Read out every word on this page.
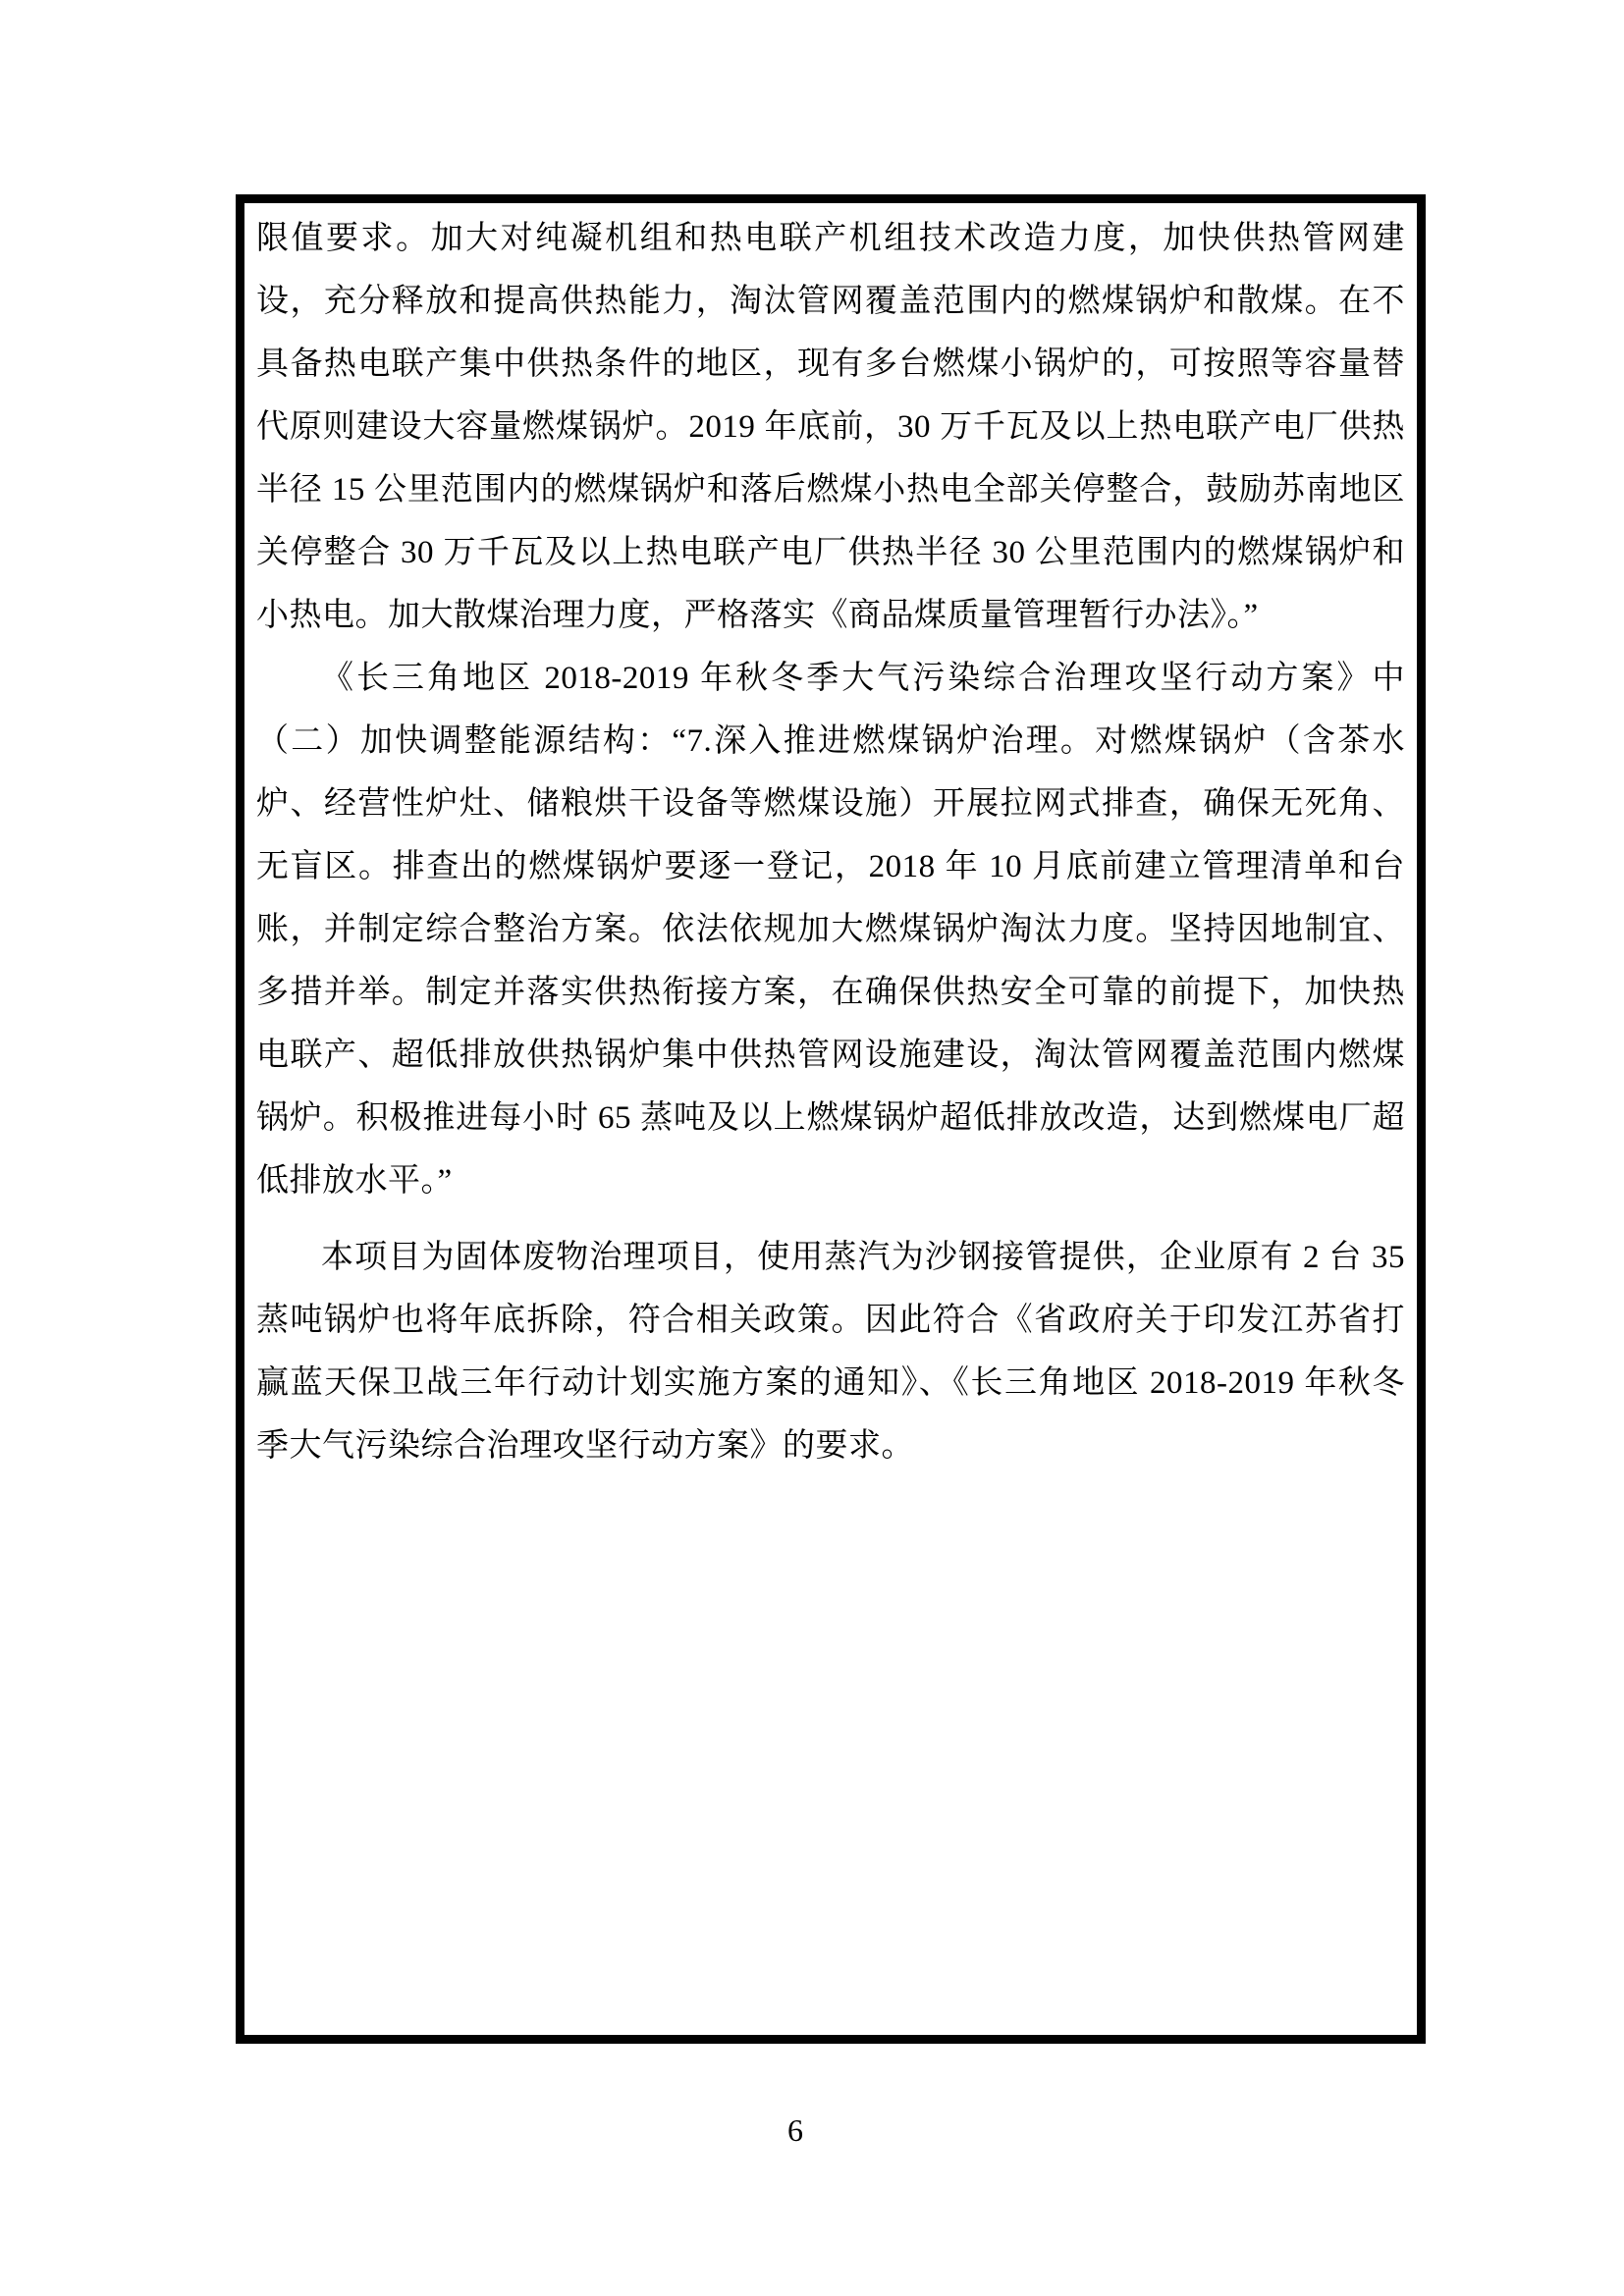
限值要求。加大对纯凝机组和热电联产机组技术改造力度，加快供热管网建设，充分释放和提高供热能力，淘汰管网覆盖范围内的燃煤锅炉和散煤。在不具备热电联产集中供热条件的地区，现有多台燃煤小锅炉的，可按照等容量替代原则建设大容量燃煤锅炉。2019 年底前，30 万千瓦及以上热电联产电厂供热半径 15 公里范围内的燃煤锅炉和落后燃煤小热电全部关停整合，鼓励苏南地区关停整合 30 万千瓦及以上热电联产电厂供热半径 30 公里范围内的燃煤锅炉和小热电。加大散煤治理力度，严格落实《商品煤质量管理暂行办法》。”

《长三角地区 2018-2019 年秋冬季大气污染综合治理攻坚行动方案》中（二）加快调整能源结构：“7.深入推进燃煤锅炉治理。对燃煤锅炉（含茶水炉、经营性炉灶、储粮烘干设备等燃煤设施）开展拉网式排查，确保无死角、无盲区。排查出的燃煤锅炉要逐一登记，2018 年 10 月底前建立管理清单和台账，并制定综合整治方案。依法依规加大燃煤锅炉淘汰力度。坚持因地制宜、多措并举。制定并落实供热衔接方案，在确保供热安全可靠的前提下，加快热电联产、超低排放供热锅炉集中供热管网设施建设，淘汰管网覆盖范围内燃煤锅炉。积极推进每小时 65 蒸吨及以上燃煤锅炉超低排放改造，达到燃煤电厂超低排放水平。”

本项目为固体废物治理项目，使用蒸汽为沙钢接管提供，企业原有 2 台 35 蒸吨锅炉也将年底拆除，符合相关政策。因此符合《省政府关于印发江苏省打赢蓝天保卫战三年行动计划实施方案的通知》、《长三角地区 2018-2019 年秋冬季大气污染综合治理攻坚行动方案》的要求。

6
